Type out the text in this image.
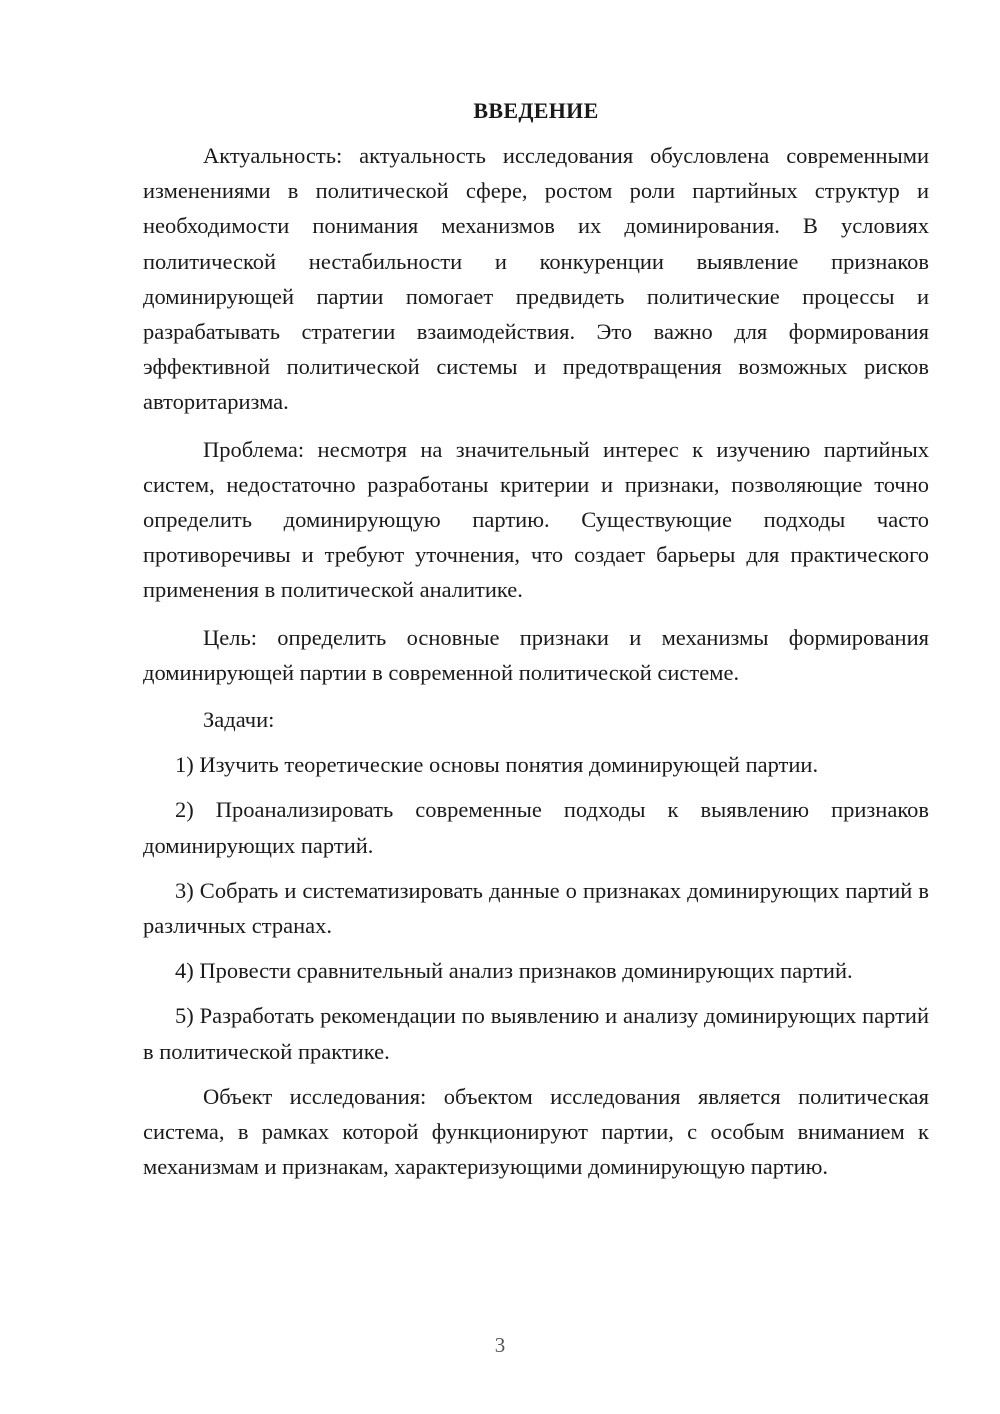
ВВЕДЕНИЕ

Актуальность: актуальность исследования обусловлена современными изменениями в политической сфере, ростом роли партийных структур и необходимости понимания механизмов их доминирования. В условиях политической нестабильности и конкуренции выявление признаков доминирующей партии помогает предвидеть политические процессы и разрабатывать стратегии взаимодействия. Это важно для формирования эффективной политической системы и предотвращения возможных рисков авторитаризма.

Проблема: несмотря на значительный интерес к изучению партийных систем, недостаточно разработаны критерии и признаки, позволяющие точно определить доминирующую партию. Существующие подходы часто противоречивы и требуют уточнения, что создает барьеры для практического применения в политической аналитике.

Цель: определить основные признаки и механизмы формирования доминирующей партии в современной политической системе.

Задачи:

1) Изучить теоретические основы понятия доминирующей партии.

2) Проанализировать современные подходы к выявлению признаков доминирующих партий.

3) Собрать и систематизировать данные о признаках доминирующих партий в различных странах.

4) Провести сравнительный анализ признаков доминирующих партий.

5) Разработать рекомендации по выявлению и анализу доминирующих партий в политической практике.

Объект исследования: объектом исследования является политическая система, в рамках которой функционируют партии, с особым вниманием к механизмам и признакам, характеризующими доминирующую партию.

3
